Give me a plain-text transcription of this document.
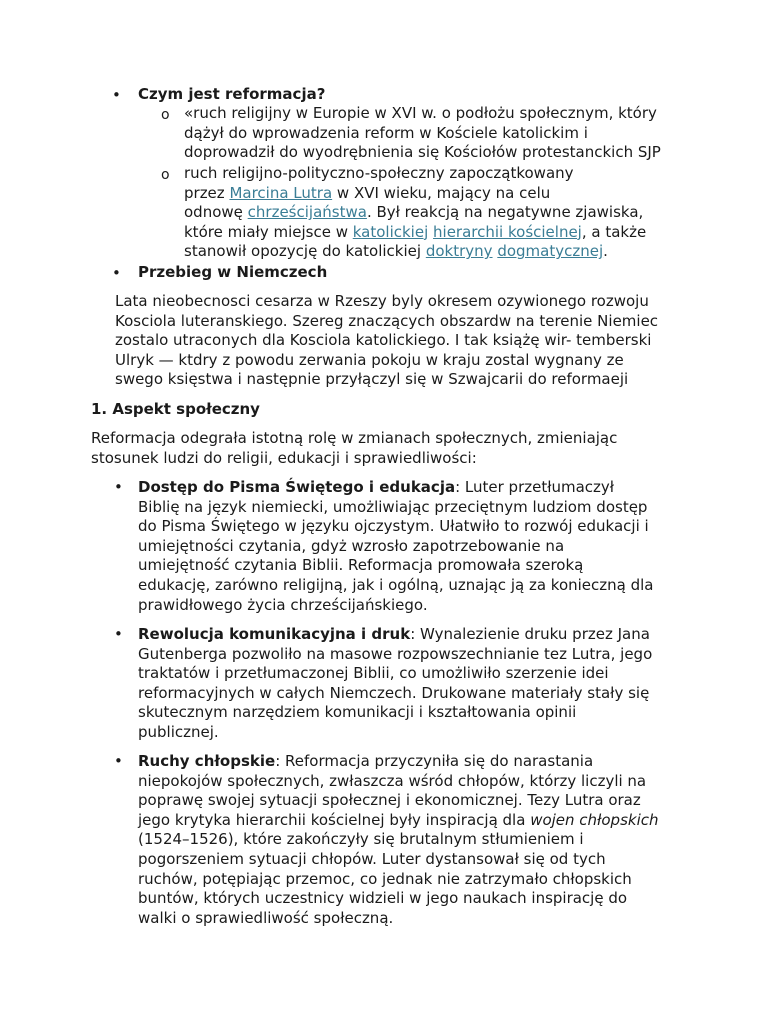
• Czym jest reformacja?
o «ruch religijny w Europie w XVI w. o podłożu społecznym, który
dążył do wprowadzenia reform w Kościele katolickim i
doprowadził do wyodrębnienia się Kościołów protestanckich SJP
o ruch religijno-polityczno-społeczny zapoczątkowany
przez Marcina Lutra w XVI wieku, mający na celu
odnowę chrześcijaństwa. Był reakcją na negatywne zjawiska,
które miały miejsce w katolickiej hierarchii kościelnej, a także
stanowił opozycję do katolickiej doktryny dogmatycznej.
• Przebieg w Niemczech
Lata nieobecnosci cesarza w Rzeszy byly okresem ozywionego rozwoju
Kosciola luteranskiego. Szereg znaczących obszardw na terenie Niemiec
zostalo utraconych dla Kosciola katolickiego. I tak książę wir- temberski
Ulryk — ktdry z powodu zerwania pokoju w kraju zostal wygnany ze
swego księstwa i następnie przyłączyl się w Szwajcarii do reformaeji
1. Aspekt społeczny
Reformacja odegrała istotną rolę w zmianach społecznych, zmieniając
stosunek ludzi do religii, edukacji i sprawiedliwości:
• Dostęp do Pisma Świętego i edukacja: Luter przetłumaczył
Biblię na język niemiecki, umożliwiając przeciętnym ludziom dostęp
do Pisma Świętego w języku ojczystym. Ułatwiło to rozwój edukacji i
umiejętności czytania, gdyż wzrosło zapotrzebowanie na
umiejętność czytania Biblii. Reformacja promowała szeroką
edukację, zarówno religijną, jak i ogólną, uznając ją za konieczną dla
prawidłowego życia chrześcijańskiego.
• Rewolucja komunikacyjna i druk: Wynalezienie druku przez Jana
Gutenberga pozwoliło na masowe rozpowszechnianie tez Lutra, jego
traktatów i przetłumaczonej Biblii, co umożliwiło szerzenie idei
reformacyjnych w całych Niemczech. Drukowane materiały stały się
skutecznym narzędziem komunikacji i kształtowania opinii
publicznej.
• Ruchy chłopskie: Reformacja przyczyniła się do narastania
niepokojów społecznych, zwłaszcza wśród chłopów, którzy liczyli na
poprawę swojej sytuacji społecznej i ekonomicznej. Tezy Lutra oraz
jego krytyka hierarchii kościelnej były inspiracją dla wojen chłopskich
(1524–1526), które zakończyły się brutalnym stłumieniem i
pogorszeniem sytuacji chłopów. Luter dystansował się od tych
ruchów, potępiając przemoc, co jednak nie zatrzymało chłopskich
buntów, których uczestnicy widzieli w jego naukach inspirację do
walki o sprawiedliwość społeczną.
